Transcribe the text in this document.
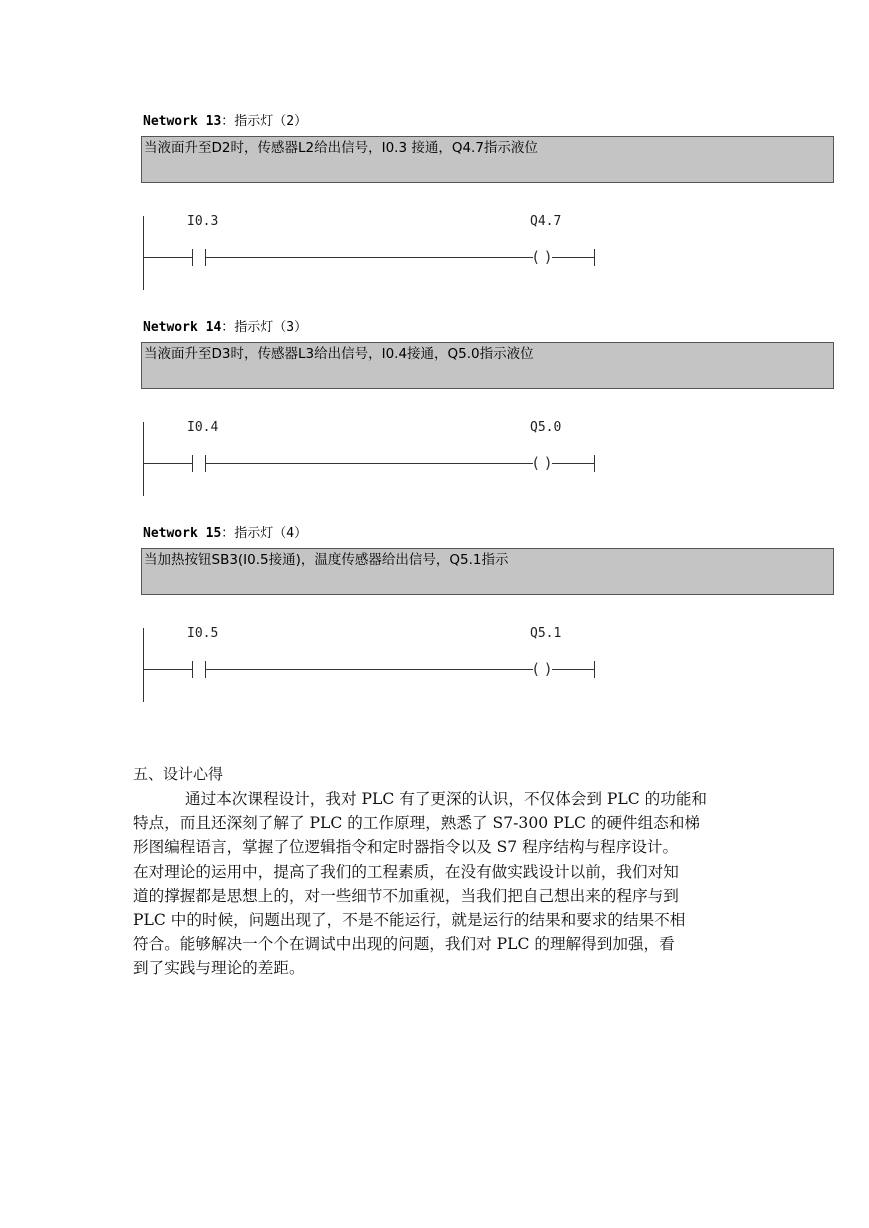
Network 13：指示灯（2）
当液面升至D2时，传感器L2给出信号，I0.3 接通，Q4.7指示液位
( )
I0.3	Q4.7
Network 14：指示灯（3）
当液面升至D3时，传感器L3给出信号，I0.4接通，Q5.0指示液位
( )
I0.4	Q5.0
Network 15：指示灯（4）
当加热按钮SB3(I0.5接通)，温度传感器给出信号，Q5.1指示
( )
I0.5	Q5.1
五、设计心得
通过本次课程设计，我对 PLC 有了更深的认识，不仅体会到 PLC 的功能和
特点，而且还深刻了解了 PLC 的工作原理，熟悉了 S7-300 PLC 的硬件组态和梯
形图编程语言，掌握了位逻辑指令和定时器指令以及 S7 程序结构与程序设计。
在对理论的运用中，提高了我们的工程素质，在没有做实践设计以前，我们对知
道的撑握都是思想上的，对一些细节不加重视，当我们把自己想出来的程序与到
PLC 中的时候，问题出现了，不是不能运行，就是运行的结果和要求的结果不相
符合。能够解决一个个在调试中出现的问题，我们对 PLC 的理解得到加强，看
到了实践与理论的差距。
